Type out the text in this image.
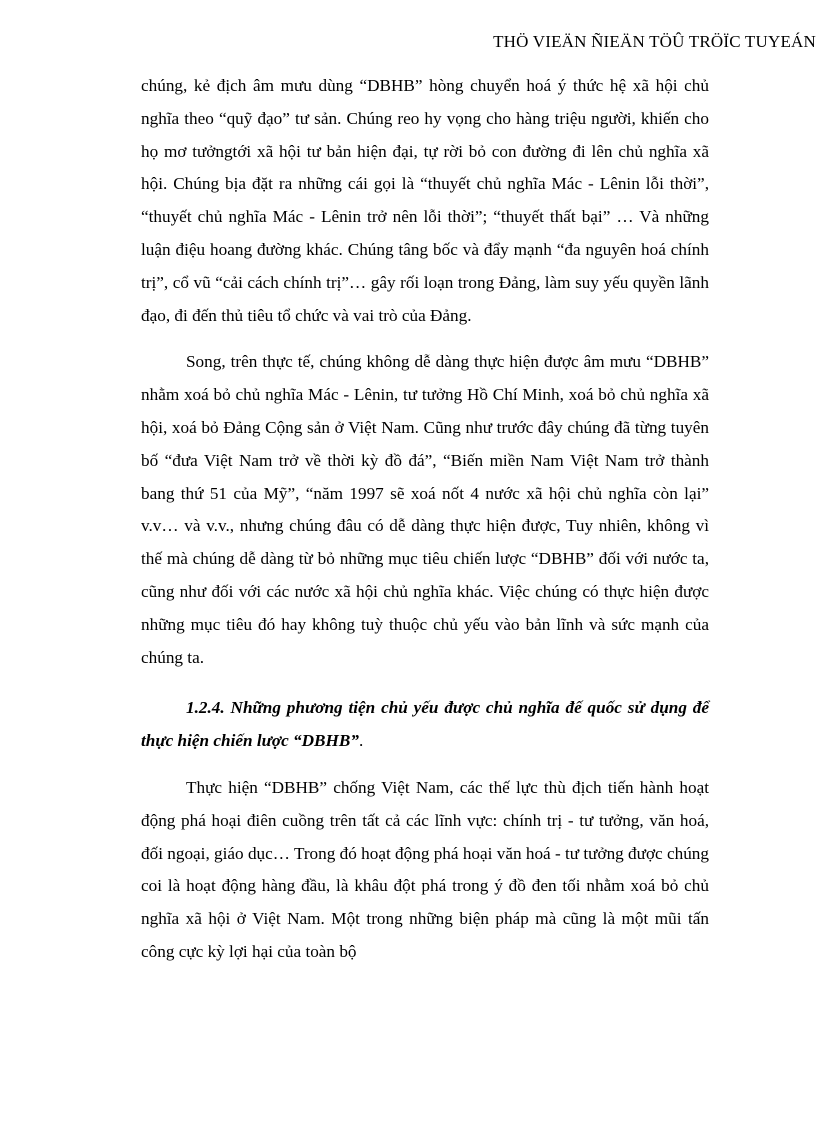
THÖ VIEÄN ÑIEÄN TÖÛ TRÖÏC TUYEÁN

chúng, kẻ địch âm mưu dùng “DBHB” hòng chuyển hoá ý thức hệ xã hội chủ nghĩa theo “quỹ đạo” tư sản. Chúng reo hy vọng cho hàng triệu người, khiến cho họ mơ tưởngtới xã hội tư bản hiện đại, tự rời bỏ con đường đi lên chủ nghĩa xã hội. Chúng bịa đặt ra những cái gọi là “thuyết chủ nghĩa Mác - Lênin lỗi thời”, “thuyết chủ nghĩa Mác - Lênin trở nên lỗi thời”; “thuyết thất bại” … Và những luận điệu hoang đường khác. Chúng tâng bốc và đẩy mạnh “đa nguyên hoá chính trị”, cổ vũ “cải cách chính trị”… gây rối loạn trong Đảng, làm suy yếu quyền lãnh đạo, đi đến thủ tiêu tổ chức và vai trò của Đảng.

Song, trên thực tế, chúng không dễ dàng thực hiện được âm mưu “DBHB” nhằm xoá bỏ chủ nghĩa Mác - Lênin, tư tưởng Hồ Chí Minh, xoá bỏ chủ nghĩa xã hội, xoá bỏ Đảng Cộng sản ở Việt Nam. Cũng như trước đây chúng đã từng tuyên bố “đưa Việt Nam trở về thời kỳ đồ đá”, “Biến miền Nam Việt Nam trở thành bang thứ 51 của Mỹ”, “năm 1997 sẽ xoá nốt 4 nước xã hội chủ nghĩa còn lại” v.v… và v.v., nhưng chúng đâu có dễ dàng thực hiện được, Tuy nhiên, không vì thế mà chúng dễ dàng từ bỏ những mục tiêu chiến lược “DBHB” đối với nước ta, cũng như đối với các nước xã hội chủ nghĩa khác. Việc chúng có thực hiện được những mục tiêu đó hay không tuỳ thuộc chủ yếu vào bản lĩnh và sức mạnh của chúng ta.

1.2.4. Những phương tiện chủ yếu được chủ nghĩa đế quốc sử dụng để thực hiện chiến lược “DBHB”.

Thực hiện “DBHB” chống Việt Nam, các thế lực thù địch tiến hành hoạt động phá hoại điên cuồng trên tất cả các lĩnh vực: chính trị - tư tưởng, văn hoá, đối ngoại, giáo dục… Trong đó hoạt động phá hoại văn hoá - tư tưởng được chúng coi là hoạt động hàng đầu, là khâu đột phá trong ý đồ đen tối nhằm xoá bỏ chủ nghĩa xã hội ở Việt Nam. Một trong những biện pháp mà cũng là một mũi tấn công cực kỳ lợi hại của toàn bộ
